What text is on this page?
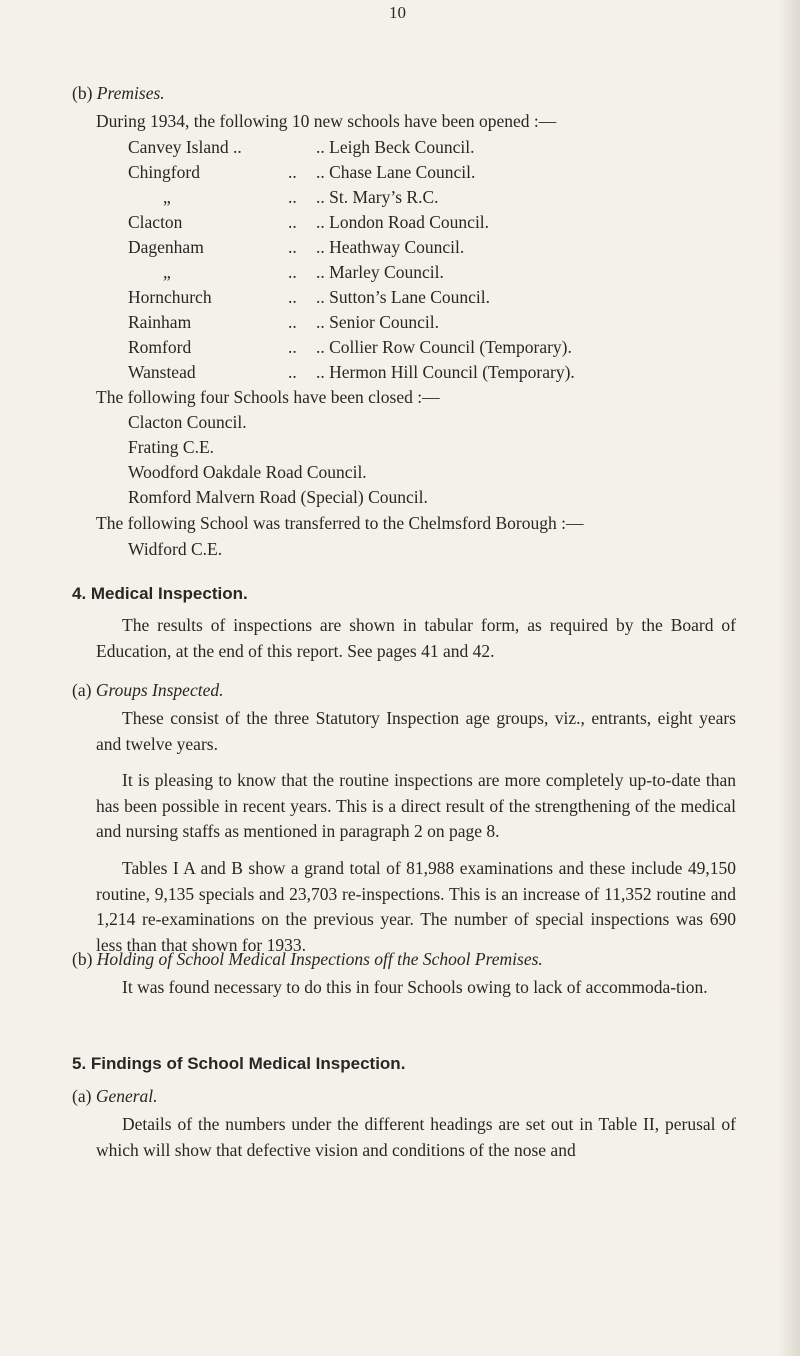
10
(b) Premises.
During 1934, the following 10 new schools have been opened :—
Canvey Island ..	.. Leigh Beck Council.
Chingford	.. .. Chase Lane Council.
„	.. .. St. Mary’s R.C.
Clacton	.. .. London Road Council.
Dagenham	.. .. Heathway Council.
„	.. .. Marley Council.
Hornchurch	.. .. Sutton’s Lane Council.
Rainham	.. .. Senior Council.
Romford	.. .. Collier Row Council (Temporary).
Wanstead	.. .. Hermon Hill Council (Temporary).
The following four Schools have been closed :—
Clacton Council.
Frating C.E.
Woodford Oakdale Road Council.
Romford Malvern Road (Special) Council.
The following School was transferred to the Chelmsford Borough :—
Widford C.E.
4. Medical Inspection.
The results of inspections are shown in tabular form, as required by the Board of Education, at the end of this report. See pages 41 and 42.
(a) Groups Inspected.
These consist of the three Statutory Inspection age groups, viz., entrants, eight years and twelve years.
It is pleasing to know that the routine inspections are more completely up-to-date than has been possible in recent years. This is a direct result of the strengthening of the medical and nursing staffs as mentioned in paragraph 2 on page 8.
Tables I A and B show a grand total of 81,988 examinations and these include 49,150 routine, 9,135 specials and 23,703 re-inspections. This is an increase of 11,352 routine and 1,214 re-examinations on the previous year. The number of special inspections was 690 less than that shown for 1933.
(b) Holding of School Medical Inspections off the School Premises.
It was found necessary to do this in four Schools owing to lack of accommoda-tion.
5. Findings of School Medical Inspection.
(a) General.
Details of the numbers under the different headings are set out in Table II, perusal of which will show that defective vision and conditions of the nose and
